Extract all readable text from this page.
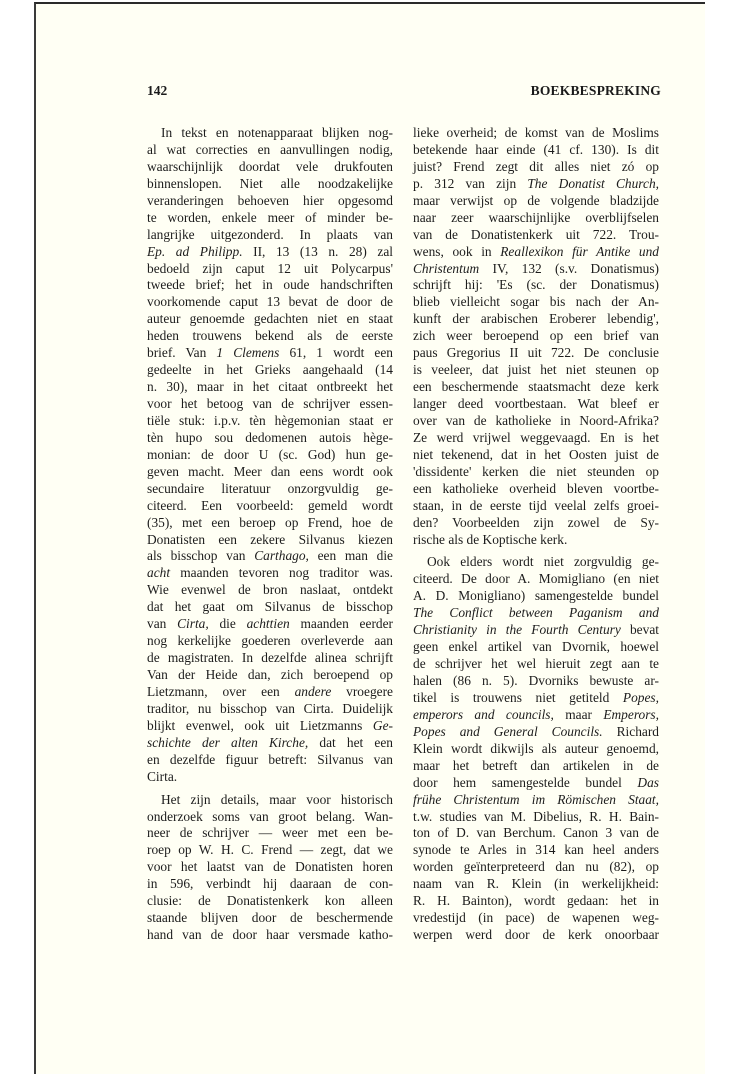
142	BOEKBESPREKING
In tekst en notenapparaat blijken nog-
al wat correcties en aanvullingen nodig,
waarschijnlijk doordat vele drukfouten
binnenslopen. Niet alle noodzakelijke
veranderingen behoeven hier opgesomd
te worden, enkele meer of minder be-
langrijke uitgezonderd. In plaats van
Ep. ad Philipp. II, 13 (13 n. 28) zal
bedoeld zijn caput 12 uit Polycarpus'
tweede brief; het in oude handschriften
voorkomende caput 13 bevat de door de
auteur genoemde gedachten niet en staat
heden trouwens bekend als de eerste
brief. Van 1 Clemens 61, 1 wordt een
gedeelte in het Grieks aangehaald (14
n. 30), maar in het citaat ontbreekt het
voor het betoog van de schrijver essen-
tiële stuk: i.p.v. tèn hègemonian staat er
tèn hupo sou dedomenen autois hège-
monian: de door U (sc. God) hun ge-
geven macht. Meer dan eens wordt ook
secundaire literatuur onzorgvuldig ge-
citeerd. Een voorbeeld: gemeld wordt
(35), met een beroep op Frend, hoe de
Donatisten een zekere Silvanus kiezen
als bisschop van Carthago, een man die
acht maanden tevoren nog traditor was.
Wie evenwel de bron naslaat, ontdekt
dat het gaat om Silvanus de bisschop
van Cirta, die achttien maanden eerder
nog kerkelijke goederen overleverde aan
de magistraten. In dezelfde alinea schrijft
Van der Heide dan, zich beroepend op
Lietzmann, over een andere vroegere
traditor, nu bisschop van Cirta. Duidelijk
blijkt evenwel, ook uit Lietzmanns Ge-
schichte der alten Kirche, dat het een
en dezelfde figuur betreft: Silvanus van
Cirta.
Het zijn details, maar voor historisch
onderzoek soms van groot belang. Wan-
neer de schrijver — weer met een be-
roep op W. H. C. Frend — zegt, dat we
voor het laatst van de Donatisten horen
in 596, verbindt hij daaraan de con-
clusie: de Donatistenkerk kon alleen
staande blijven door de beschermende
hand van de door haar versmade katho-
lieke overheid; de komst van de Moslims
betekende haar einde (41 cf. 130). Is dit
juist? Frend zegt dit alles niet zó op
p. 312 van zijn The Donatist Church,
maar verwijst op de volgende bladzijde
naar zeer waarschijnlijke overblijfselen
van de Donatistenkerk uit 722. Trou-
wens, ook in Reallexikon für Antike und
Christentum IV, 132 (s.v. Donatismus)
schrijft hij: 'Es (sc. der Donatismus)
blieb vielleicht sogar bis nach der An-
kunft der arabischen Eroberer lebendig',
zich weer beroepend op een brief van
paus Gregorius II uit 722. De conclusie
is veeleer, dat juist het niet steunen op
een beschermende staatsmacht deze kerk
langer deed voortbestaan. Wat bleef er
over van de katholieke in Noord-Afrika?
Ze werd vrijwel weggevaagd. En is het
niet tekenend, dat in het Oosten juist de
'dissidente' kerken die niet steunden op
een katholieke overheid bleven voortbe-
staan, in de eerste tijd veelal zelfs groei-
den? Voorbeelden zijn zowel de Sy-
rische als de Koptische kerk.
Ook elders wordt niet zorgvuldig ge-
citeerd. De door A. Momigliano (en niet
A. D. Monigliano) samengestelde bundel
The Conflict between Paganism and
Christianity in the Fourth Century bevat
geen enkel artikel van Dvornik, hoewel
de schrijver het wel hieruit zegt aan te
halen (86 n. 5). Dvorniks bewuste ar-
tikel is trouwens niet getiteld Popes,
emperors and councils, maar Emperors,
Popes and General Councils. Richard
Klein wordt dikwijls als auteur genoemd,
maar het betreft dan artikelen in de
door hem samengestelde bundel Das
frühe Christentum im Römischen Staat,
t.w. studies van M. Dibelius, R. H. Bain-
ton of D. van Berchum. Canon 3 van de
synode te Arles in 314 kan heel anders
worden geïnterpreteerd dan nu (82), op
naam van R. Klein (in werkelijkheid:
R. H. Bainton), wordt gedaan: het in
vredestijd (in pace) de wapenen weg-
werpen werd door de kerk onoorbaar
